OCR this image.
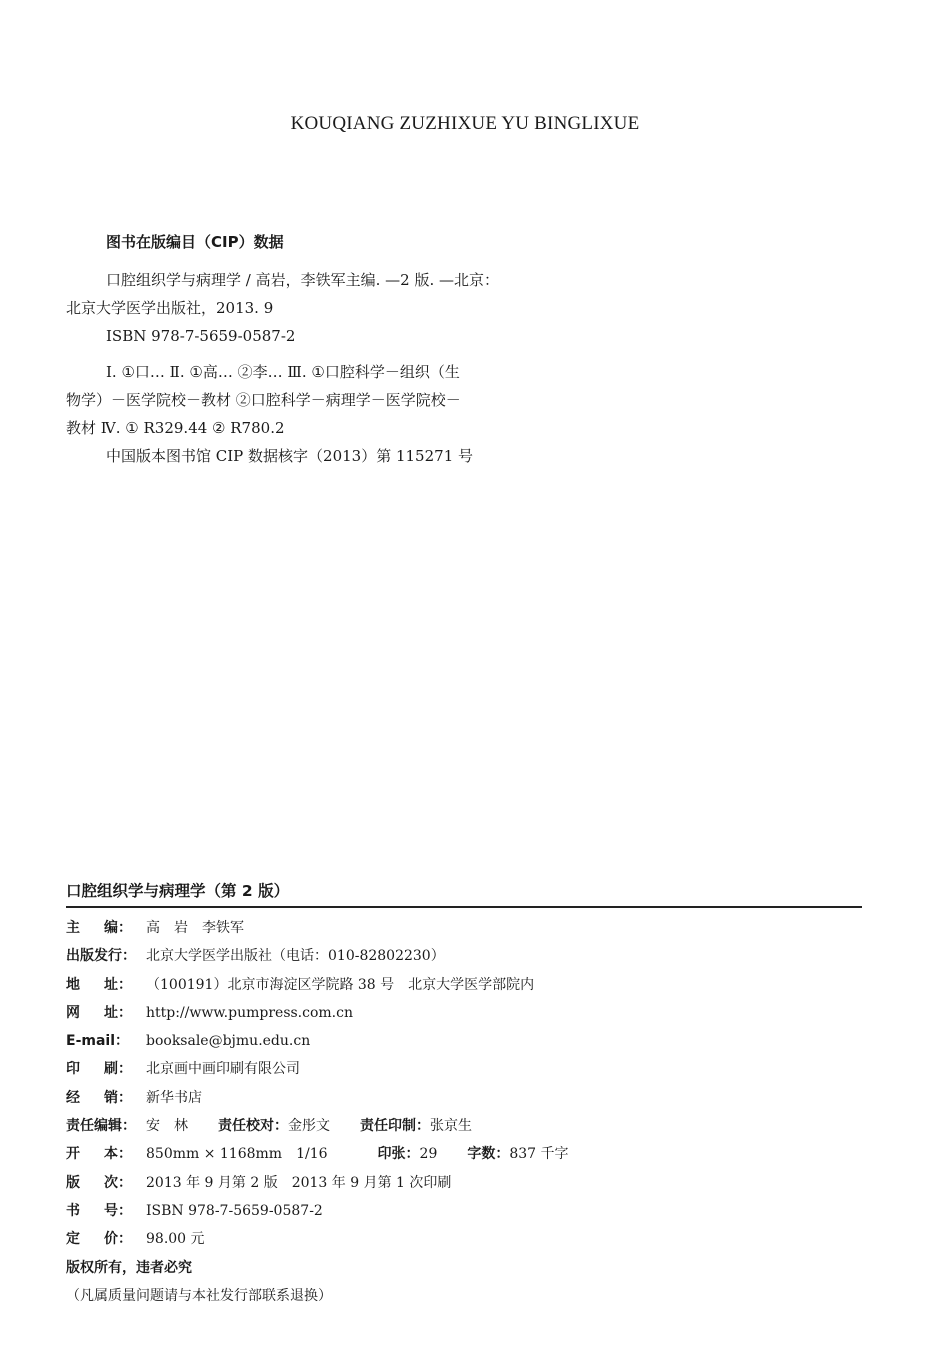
KOUQIANG ZUZHIXUE YU BINGLIXUE
图书在版编目（CIP）数据
口腔组织学与病理学 / 高岩，李铁军主编. —2 版. —北京：
北京大学医学出版社，2013. 9
ISBN 978-7-5659-0587-2
Ⅰ. ①口… Ⅱ. ①高… ②李… Ⅲ. ①口腔科学－组织（生
物学）－医学院校－教材 ②口腔科学－病理学－医学院校－
教材 Ⅳ. ① R329.44 ② R780.2
中国版本图书馆 CIP 数据核字（2013）第 115271 号
口腔组织学与病理学（第 2 版）
主 编： 高　岩　李铁军
出版发行： 北京大学医学出版社（电话：010-82802230）
地 址： （100191）北京市海淀区学院路 38 号　北京大学医学部院内
网 址： http://www.pumpress.com.cn
E-mail：	booksale@bjmu.edu.cn
印 刷： 北京画中画印刷有限公司
经 销： 新华书店
责任编辑： 安　林 责任校对： 金彤文 责任印制： 张京生
开 本： 850mm × 1168mm　1/16	印张： 29 字数： 837 千字
版 次： 2013 年 9 月第 2 版　2013 年 9 月第 1 次印刷
书 号： ISBN 978-7-5659-0587-2
定 价： 98.00 元
版权所有，违者必究
（凡属质量问题请与本社发行部联系退换）
